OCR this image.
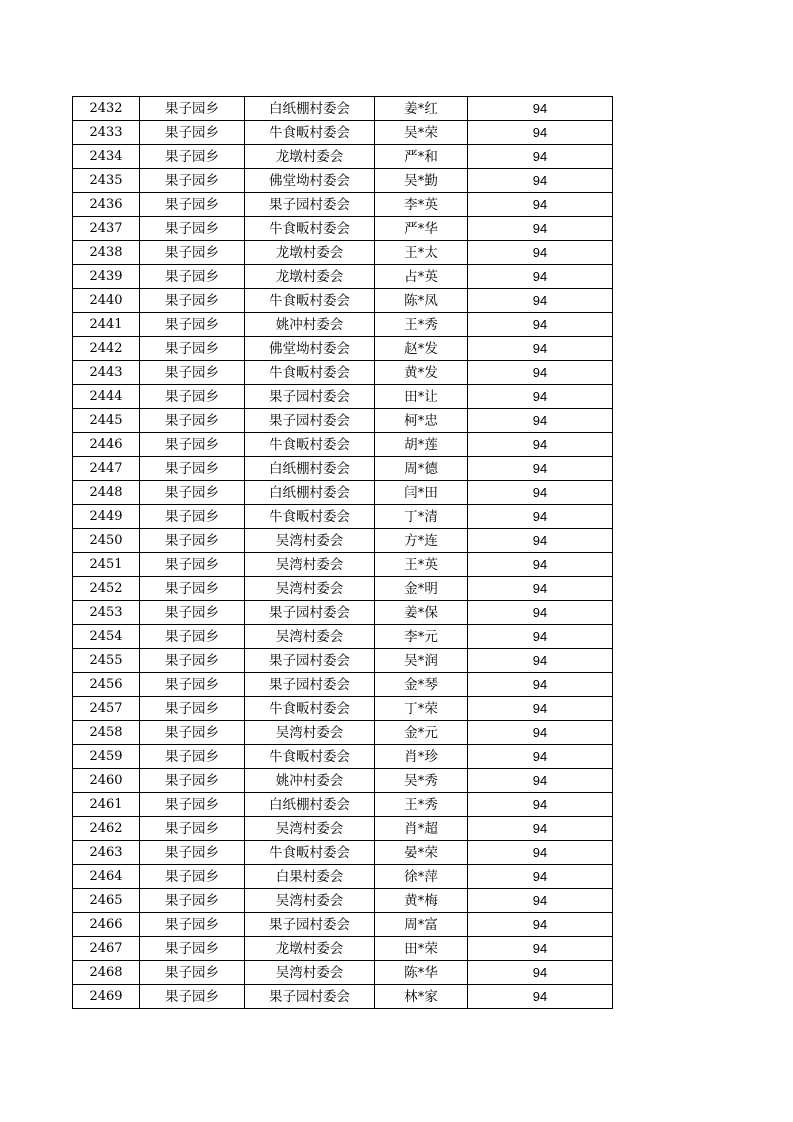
2432	果子园乡	白纸棚村委会	姜*红	94
2433	果子园乡	牛食畈村委会	吴*荣	94
2434	果子园乡	龙墩村委会	严*和	94
2435	果子园乡	佛堂坳村委会	吴*勤	94
2436	果子园乡	果子园村委会	李*英	94
2437	果子园乡	牛食畈村委会	严*华	94
2438	果子园乡	龙墩村委会	王*太	94
2439	果子园乡	龙墩村委会	占*英	94
2440	果子园乡	牛食畈村委会	陈*凤	94
2441	果子园乡	姚冲村委会	王*秀	94
2442	果子园乡	佛堂坳村委会	赵*发	94
2443	果子园乡	牛食畈村委会	黄*发	94
2444	果子园乡	果子园村委会	田*让	94
2445	果子园乡	果子园村委会	柯*忠	94
2446	果子园乡	牛食畈村委会	胡*莲	94
2447	果子园乡	白纸棚村委会	周*德	94
2448	果子园乡	白纸棚村委会	闫*田	94
2449	果子园乡	牛食畈村委会	丁*清	94
2450	果子园乡	吴湾村委会	方*连	94
2451	果子园乡	吴湾村委会	王*英	94
2452	果子园乡	吴湾村委会	金*明	94
2453	果子园乡	果子园村委会	姜*保	94
2454	果子园乡	吴湾村委会	李*元	94
2455	果子园乡	果子园村委会	吴*润	94
2456	果子园乡	果子园村委会	金*琴	94
2457	果子园乡	牛食畈村委会	丁*荣	94
2458	果子园乡	吴湾村委会	金*元	94
2459	果子园乡	牛食畈村委会	肖*珍	94
2460	果子园乡	姚冲村委会	吴*秀	94
2461	果子园乡	白纸棚村委会	王*秀	94
2462	果子园乡	吴湾村委会	肖*超	94
2463	果子园乡	牛食畈村委会	晏*荣	94
2464	果子园乡	白果村委会	徐*萍	94
2465	果子园乡	吴湾村委会	黄*梅	94
2466	果子园乡	果子园村委会	周*富	94
2467	果子园乡	龙墩村委会	田*荣	94
2468	果子园乡	吴湾村委会	陈*华	94
2469	果子园乡	果子园村委会	林*家	94
